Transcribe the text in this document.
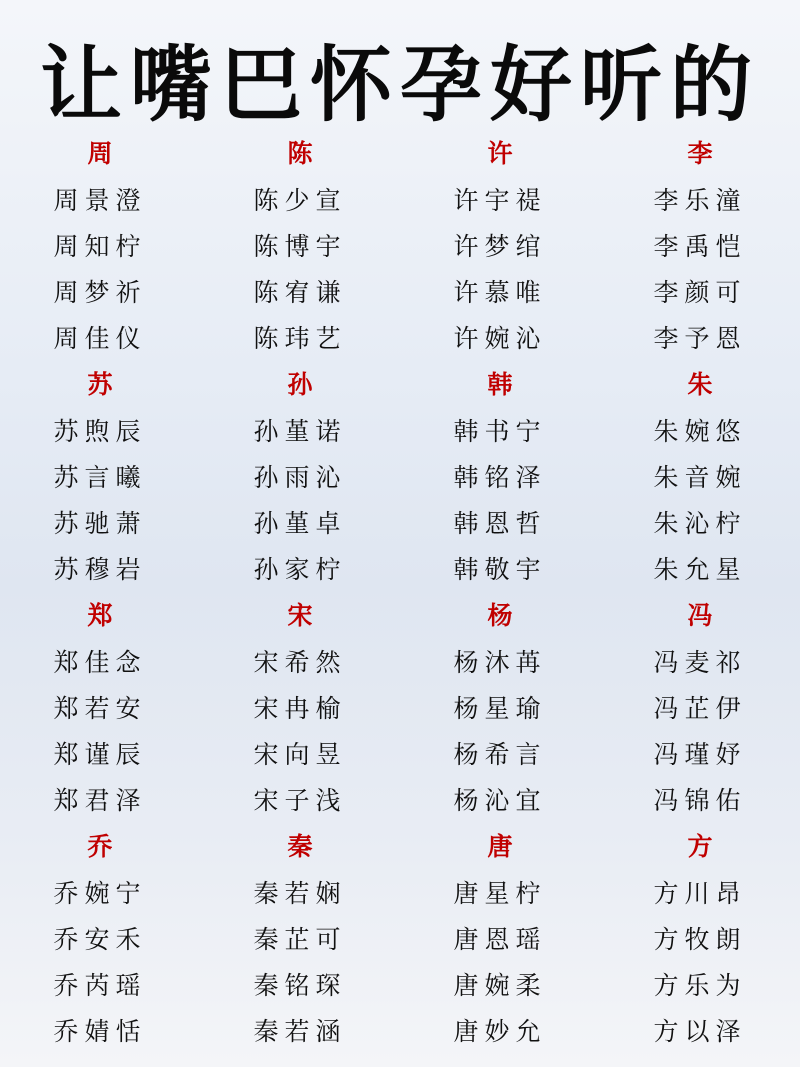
让嘴巴怀孕好听的
周
周景澄
周知柠
周梦祈
周佳仪
陈
陈少宣
陈博宇
陈宥谦
陈玮艺
许
许宇禔
许梦绾
许慕唯
许婉沁
李
李乐潼
李禹恺
李颜可
李予恩
苏
苏煦辰
苏言曦
苏驰萧
苏穆岩
孙
孙堇诺
孙雨沁
孙堇卓
孙家柠
韩
韩书宁
韩铭泽
韩恩哲
韩敬宇
朱
朱婉悠
朱音婉
朱沁柠
朱允星
郑
郑佳念
郑若安
郑谨辰
郑君泽
宋
宋希然
宋冉榆
宋向昱
宋子浅
杨
杨沐苒
杨星瑜
杨希言
杨沁宜
冯
冯麦祁
冯芷伊
冯瑾妤
冯锦佑
乔
乔婉宁
乔安禾
乔芮瑶
乔婧恬
秦
秦若娴
秦芷可
秦铭琛
秦若涵
唐
唐星柠
唐恩瑶
唐婉柔
唐妙允
方
方川昂
方牧朗
方乐为
方以泽
